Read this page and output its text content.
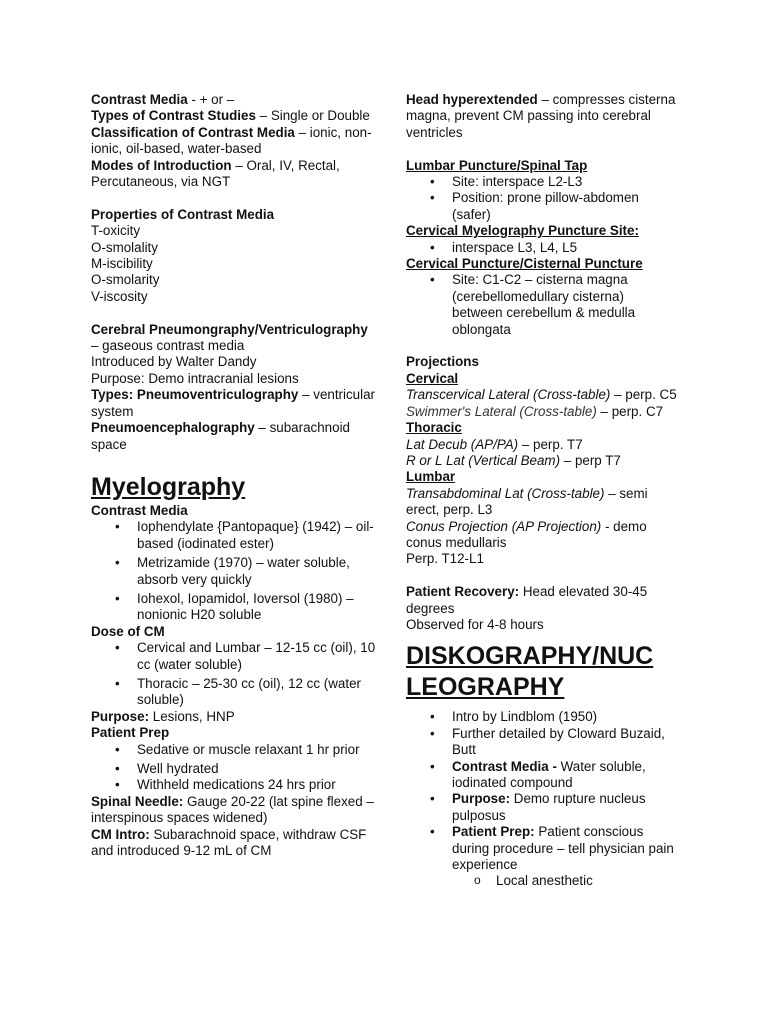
Contrast Media - + or –

Types of Contrast Studies – Single or Double

Classification of Contrast Media – ionic, non-ionic, oil-based, water-based

Modes of Introduction – Oral, IV, Rectal, Percutaneous, via NGT

Properties of Contrast Media

T-oxicity

O-smolality

M-iscibility

O-smolarity

V-iscosity

Cerebral Pneumongraphy/Ventriculography – gaseous contrast media

Introduced by Walter Dandy

Purpose: Demo intracranial lesions

Types: Pneumoventriculography – ventricular system

Pneumoencephalography – subarachnoid space

Myelography

Contrast Media

• Iophendylate {Pantopaque} (1942) – oil-based (iodinated ester)
• Metrizamide (1970) – water soluble, absorb very quickly
• Iohexol, Iopamidol, Ioversol (1980) – nonionic H20 soluble

Dose of CM

• Cervical and Lumbar – 12-15 cc (oil), 10 cc (water soluble)
• Thoracic – 25-30 cc (oil), 12 cc (water soluble)

Purpose: Lesions, HNP

Patient Prep

• Sedative or muscle relaxant 1 hr prior
• Well hydrated
• Withheld medications 24 hrs prior

Spinal Needle: Gauge 20-22 (lat spine flexed – interspinous spaces widened)

CM Intro: Subarachnoid space, withdraw CSF and introduced 9-12 mL of CM

Head hyperextended – compresses cisterna magna, prevent CM passing into cerebral ventricles

Lumbar Puncture/Spinal Tap

• Site: interspace L2-L3
• Position: prone pillow-abdomen (safer)

Cervical Myelography Puncture Site:

• interspace L3, L4, L5

Cervical Puncture/Cisternal Puncture

• Site: C1-C2 – cisterna magna (cerebellomedullary cisterna) between cerebellum & medulla oblongata

Projections

Cervical

Transcervical Lateral (Cross-table) – perp. C5

Swimmer's Lateral (Cross-table) – perp. C7

Thoracic

Lat Decub (AP/PA) – perp. T7

R or L Lat (Vertical Beam) – perp T7

Lumbar

Transabdominal Lat (Cross-table) – semi erect, perp. L3

Conus Projection (AP Projection) - demo conus medullaris

Perp. T12-L1

Patient Recovery: Head elevated 30-45 degrees

Observed for 4-8 hours

DISKOGRAPHY/NUC LEOGRAPHY
• Intro by Lindblom (1950)
• Further detailed by Cloward Buzaid, Butt
• Contrast Media - Water soluble, iodinated compound
• Purpose: Demo rupture nucleus pulposus
• Patient Prep: Patient conscious during procedure – tell physician pain experience
o Local anesthetic
